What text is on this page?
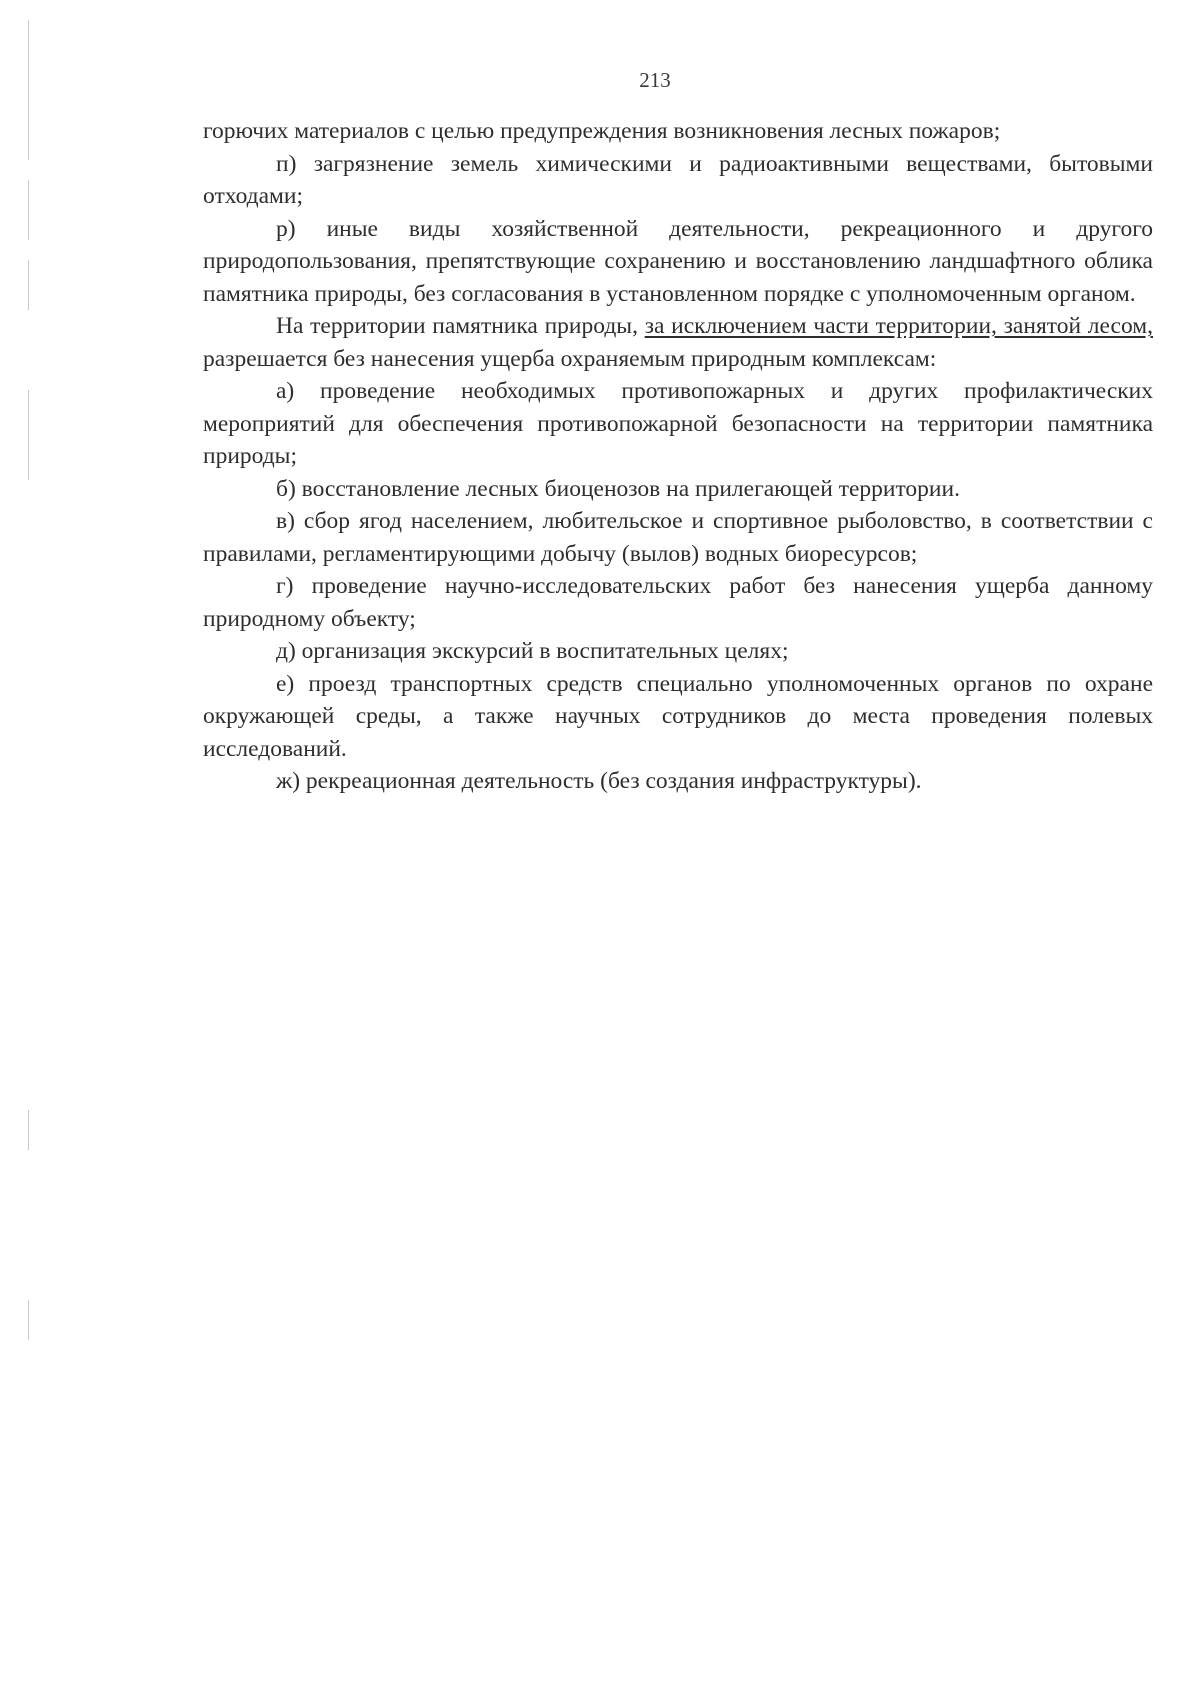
213

горючих материалов с целью предупреждения возникновения лесных пожаров;

п) загрязнение земель химическими и радиоактивными веществами, бытовыми отходами;

р) иные виды хозяйственной деятельности, рекреационного и другого природопользования, препятствующие сохранению и восстановлению ландшафтного облика памятника природы, без согласования в установленном порядке с уполномоченным органом.

На территории памятника природы, за исключением части территории, занятой лесом, разрешается без нанесения ущерба охраняемым природным комплексам:

а) проведение необходимых противопожарных и других профилактических мероприятий для обеспечения противопожарной безопасности на территории памятника природы;

б) восстановление лесных биоценозов на прилегающей территории.

в) сбор ягод населением, любительское и спортивное рыболовство, в соответствии с правилами, регламентирующими добычу (вылов) водных биоресурсов;

г) проведение научно-исследовательских работ без нанесения ущерба данному природному объекту;

д) организация экскурсий в воспитательных целях;

е) проезд транспортных средств специально уполномоченных органов по охране окружающей среды, а также научных сотрудников до места проведения полевых исследований.

ж) рекреационная деятельность (без создания инфраструктуры).
